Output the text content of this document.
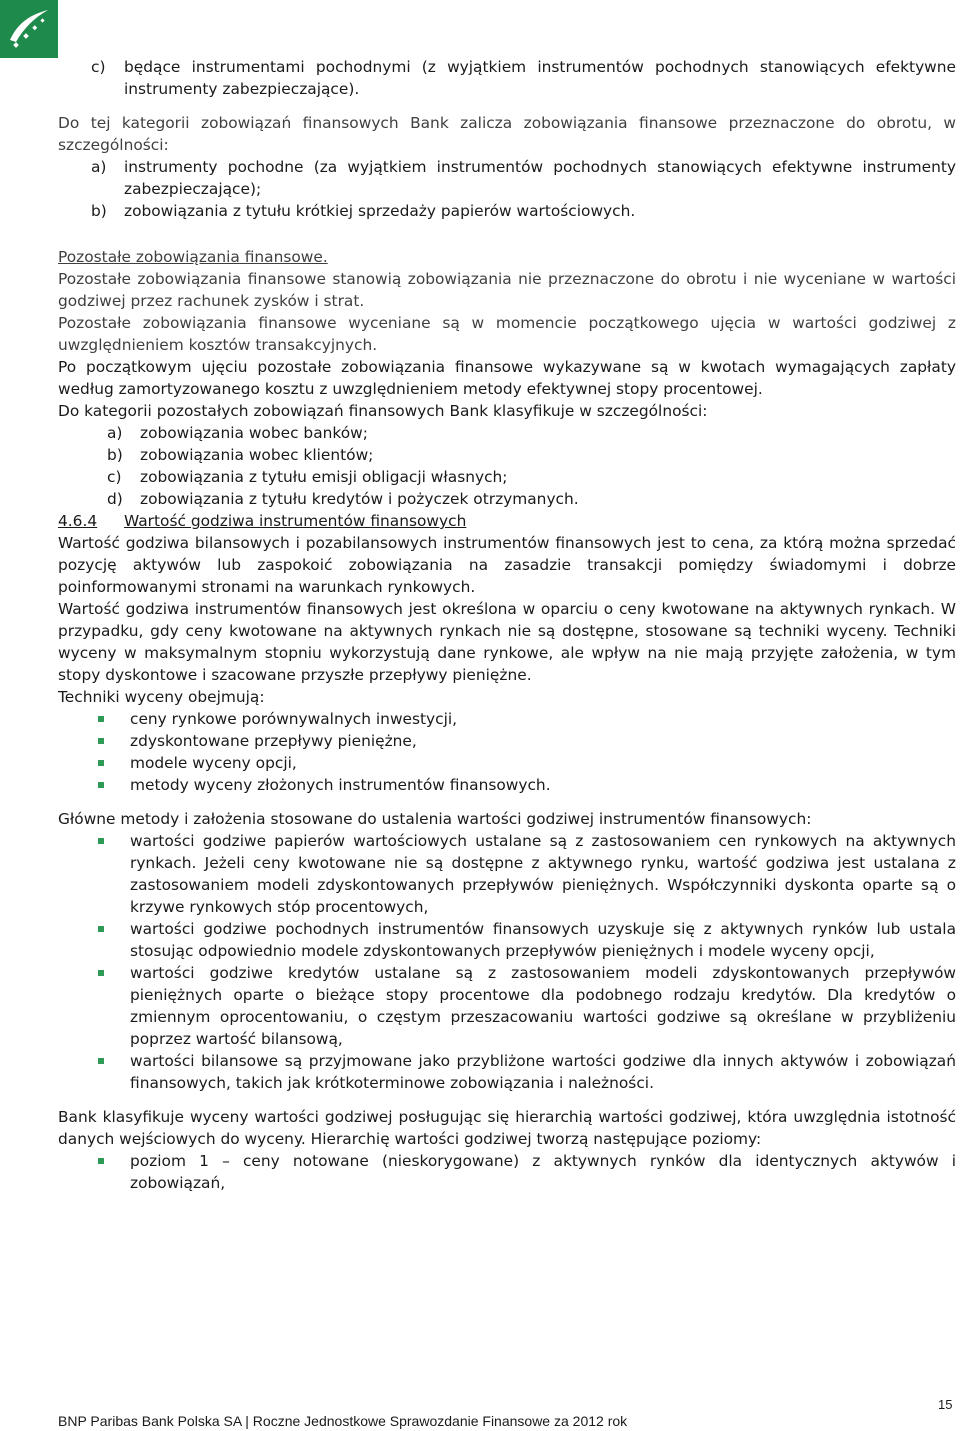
c) będące instrumentami pochodnymi (z wyjątkiem instrumentów pochodnych stanowiących efektywne instrumenty zabezpieczające).

Do tej kategorii zobowiązań finansowych Bank zalicza zobowiązania finansowe przeznaczone do obrotu, w szczególności:

a) instrumenty pochodne (za wyjątkiem instrumentów pochodnych stanowiących efektywne instrumenty zabezpieczające);
b) zobowiązania z tytułu krótkiej sprzedaży papierów wartościowych.

Pozostałe zobowiązania finansowe.

Pozostałe zobowiązania finansowe stanowią zobowiązania nie przeznaczone do obrotu i nie wyceniane w wartości godziwej przez rachunek zysków i strat.

Pozostałe zobowiązania finansowe wyceniane są w momencie początkowego ujęcia w wartości godziwej z uwzględnieniem kosztów transakcyjnych.

Po początkowym ujęciu pozostałe zobowiązania finansowe wykazywane są w kwotach wymagających zapłaty według zamortyzowanego kosztu z uwzględnieniem metody efektywnej stopy procentowej.

Do kategorii pozostałych zobowiązań finansowych Bank klasyfikuje w szczególności:

a) zobowiązania wobec banków;
b) zobowiązania wobec klientów;
c) zobowiązania z tytułu emisji obligacji własnych;
d) zobowiązania z tytułu kredytów i pożyczek otrzymanych.
4.6.4 Wartość godziwa instrumentów finansowych

Wartość godziwa bilansowych i pozabilansowych instrumentów finansowych jest to cena, za którą można sprzedać pozycję aktywów lub zaspokoić zobowiązania na zasadzie transakcji pomiędzy świadomymi i dobrze poinformowanymi stronami na warunkach rynkowych.

Wartość godziwa instrumentów finansowych jest określona w oparciu o ceny kwotowane na aktywnych rynkach. W przypadku, gdy ceny kwotowane na aktywnych rynkach nie są dostępne, stosowane są techniki wyceny. Techniki wyceny w maksymalnym stopniu wykorzystują dane rynkowe, ale wpływ na nie mają przyjęte założenia, w tym stopy dyskontowe i szacowane przyszłe przepływy pieniężne.

Techniki wyceny obejmują:

ceny rynkowe porównywalnych inwestycji,
zdyskontowane przepływy pieniężne,
modele wyceny opcji,
metody wyceny złożonych instrumentów finansowych.

Główne metody i założenia stosowane do ustalenia wartości godziwej instrumentów finansowych:

wartości godziwe papierów wartościowych ustalane są z zastosowaniem cen rynkowych na aktywnych rynkach. Jeżeli ceny kwotowane nie są dostępne z aktywnego rynku, wartość godziwa jest ustalana z zastosowaniem modeli zdyskontowanych przepływów pieniężnych. Współczynniki dyskonta oparte są o krzywe rynkowych stóp procentowych,
wartości godziwe pochodnych instrumentów finansowych uzyskuje się z aktywnych rynków lub ustala stosując odpowiednio modele zdyskontowanych przepływów pieniężnych i modele wyceny opcji,
wartości godziwe kredytów ustalane są z zastosowaniem modeli zdyskontowanych przepływów pieniężnych oparte o bieżące stopy procentowe dla podobnego rodzaju kredytów. Dla kredytów o zmiennym oprocentowaniu, o częstym przeszacowaniu wartości godziwe są określane w przybliżeniu poprzez wartość bilansową,
wartości bilansowe są przyjmowane jako przybliżone wartości godziwe dla innych aktywów i zobowiązań finansowych, takich jak krótkoterminowe zobowiązania i należności.

Bank klasyfikuje wyceny wartości godziwej posługując się hierarchią wartości godziwej, która uwzględnia istotność danych wejściowych do wyceny. Hierarchię wartości godziwej tworzą następujące poziomy:

poziom 1 – ceny notowane (nieskorygowane) z aktywnych rynków dla identycznych aktywów i zobowiązań,
15
BNP Paribas Bank Polska SA | Roczne Jednostkowe Sprawozdanie Finansowe za 2012 rok
